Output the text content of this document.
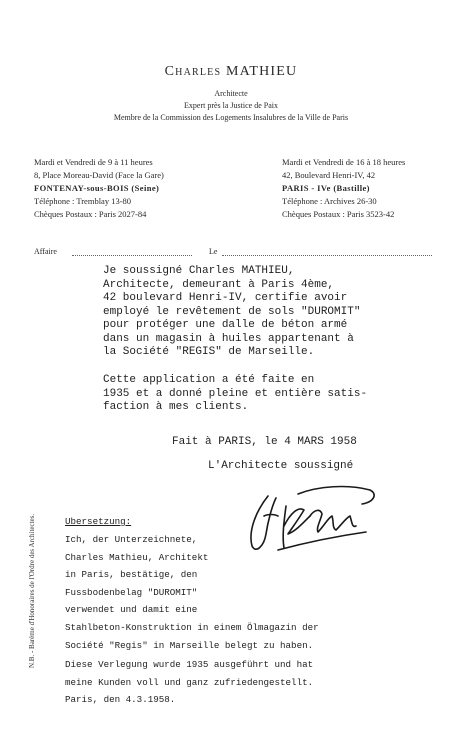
Charles MATHIEU
Architecte
Expert près la Justice de Paix
Membre de la Commission des Logements Insalubres de la Ville de Paris
Mardi et Vendredi de 9 à 11 heures
8, Place Moreau-David (Face la Gare)
FONTENAY-sous-BOIS (Seine)
Téléphone : Tremblay 13-80
Chèques Postaux : Paris 2027-84
Mardi et Vendredi de 16 à 18 heures
42, Boulevard Henri-IV, 42
PARIS - IVe (Bastille)
Téléphone : Archives 26-30
Chèques Postaux : Paris 3523-42
Affaire	Le
Je soussigné Charles MATHIEU,
Architecte, demeurant à Paris 4ème,
42 boulevard Henri-IV, certifie avoir
employé le revêtement de sols "DUROMIT"
pour protéger une dalle de béton armé
dans un magasin à huiles appartenant à
la Société "REGIS" de Marseille.
Cette application a été faite en
1935 et a donné pleine et entière satis-
faction à mes clients.
Fait à PARIS, le 4 MARS 1958
L'Architecte soussigné
Ubersetzung:
Ich, der Unterzeichnete,
Charles Mathieu, Architekt
in Paris, bestätige, den
Fussbodenbelag "DUROMIT"
verwendet und damit eine
Stahlbeton-Konstruktion in einem Ölmagazin der
Société "Regis" in Marseille belegt zu haben.
Diese Verlegung wurde 1935 ausgeführt und hat
meine Kunden voll und ganz zufriedengestellt.
Paris, den 4.3.1958.
N.B. - Barème d'Honoraires de l'Ordre des Architectes.
